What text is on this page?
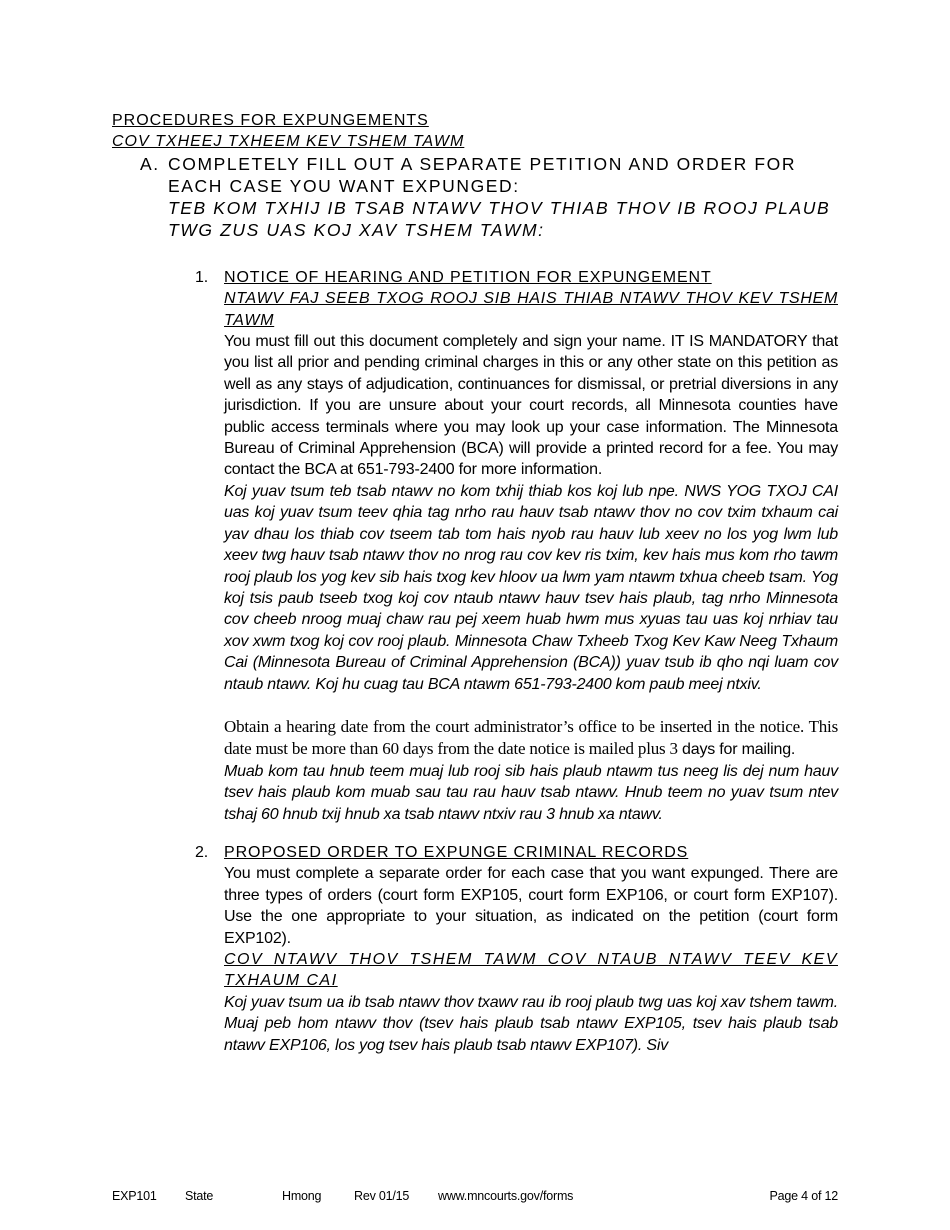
PROCEDURES FOR EXPUNGEMENTS
COV TXHEEJ TXHEEM KEV TSHEM TAWM
A. COMPLETELY FILL OUT A SEPARATE PETITION AND ORDER FOR EACH CASE YOU WANT EXPUNGED:
TEB KOM TXHIJ IB TSAB NTAWV THOV THIAB THOV IB ROOJ PLAUB TWG ZUS UAS KOJ XAV TSHEM TAWM:
1. NOTICE OF HEARING AND PETITION FOR EXPUNGEMENT
NTAWV FAJ SEEB TXOG ROOJ SIB HAIS THIAB NTAWV THOV KEV TSHEM TAWM
You must fill out this document completely and sign your name. IT IS MANDATORY that you list all prior and pending criminal charges in this or any other state on this petition as well as any stays of adjudication, continuances for dismissal, or pretrial diversions in any jurisdiction. If you are unsure about your court records, all Minnesota counties have public access terminals where you may look up your case information. The Minnesota Bureau of Criminal Apprehension (BCA) will provide a printed record for a fee. You may contact the BCA at 651-793-2400 for more information.
Koj yuav tsum teb tsab ntawv no kom txhij thiab kos koj lub npe. NWS YOG TXOJ CAI uas koj yuav tsum teev qhia tag nrho rau hauv tsab ntawv thov no cov txim txhaum cai yav dhau los thiab cov tseem tab tom hais nyob rau hauv lub xeev no los yog lwm lub xeev twg hauv tsab ntawv thov no nrog rau cov kev ris txim, kev hais mus kom rho tawm rooj plaub los yog kev sib hais txog kev hloov ua lwm yam ntawm txhua cheeb tsam. Yog koj tsis paub tseeb txog koj cov ntaub ntawv hauv tsev hais plaub, tag nrho Minnesota cov cheeb nroog muaj chaw rau pej xeem huab hwm mus xyuas tau uas koj nrhiav tau xov xwm txog koj cov rooj plaub. Minnesota Chaw Txheeb Txog Kev Kaw Neeg Txhaum Cai (Minnesota Bureau of Criminal Apprehension (BCA)) yuav tsub ib qho nqi luam cov ntaub ntawv. Koj hu cuag tau BCA ntawm 651-793-2400 kom paub meej ntxiv.
Obtain a hearing date from the court administrator’s office to be inserted in the notice. This date must be more than 60 days from the date notice is mailed plus 3 days for mailing.
Muab kom tau hnub teem muaj lub rooj sib hais plaub ntawm tus neeg lis dej num hauv tsev hais plaub kom muab sau tau rau hauv tsab ntawv. Hnub teem no yuav tsum ntev tshaj 60 hnub txij hnub xa tsab ntawv ntxiv rau 3 hnub xa ntawv.
2. PROPOSED ORDER TO EXPUNGE CRIMINAL RECORDS
You must complete a separate order for each case that you want expunged. There are three types of orders (court form EXP105, court form EXP106, or court form EXP107). Use the one appropriate to your situation, as indicated on the petition (court form EXP102).
COV NTAWV THOV TSHEM TAWM COV NTAUB NTAWV TEEV KEV TXHAUM CAI
Koj yuav tsum ua ib tsab ntawv thov txawv rau ib rooj plaub twg uas koj xav tshem tawm. Muaj peb hom ntawv thov (tsev hais plaub tsab ntawv EXP105, tsev hais plaub tsab ntawv EXP106, los yog tsev hais plaub tsab ntawv EXP107). Siv
EXP101 State	Hmong	Rev 01/15 www.mncourts.gov/forms	Page 4 of 12
